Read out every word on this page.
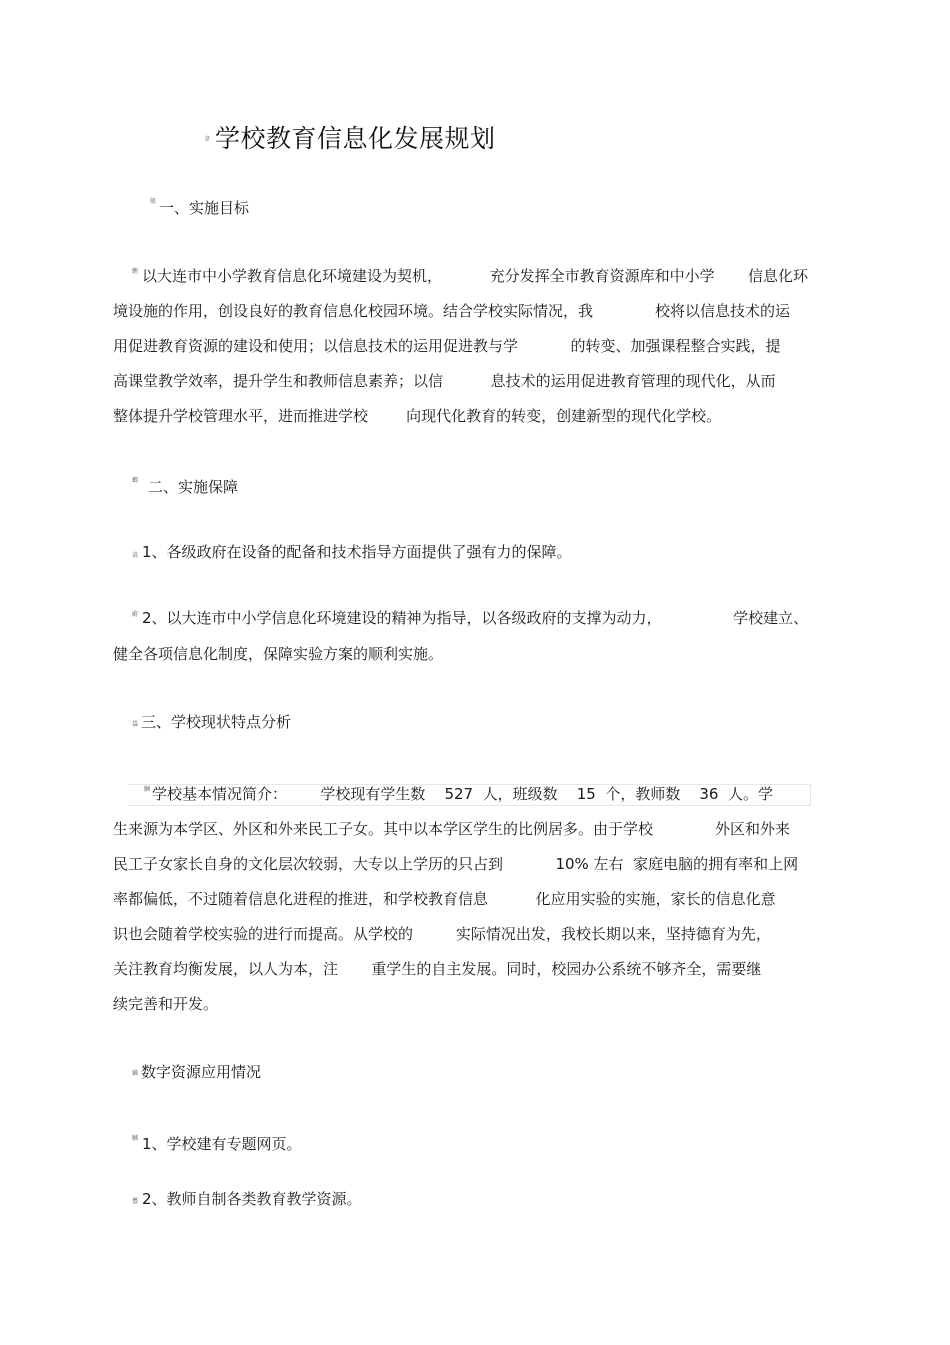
聿 学校教育信息化发展规划
般 一、实施目标
鰹 以大连市中小学教育信息化环境建设为契机，          充分发挥全市教育资源库和中小学       信息化环
境设施的作用，创设良好的教育信息化校园环境。结合学校实际情况，我             校将以信息技术的运
用促进教育资源的建设和使用；以信息技术的运用促进教与学           的转变、加强课程整合实践，提
高课堂教学效率，提升学生和教师信息素养；以信          息技术的运用促进教育管理的现代化，从而
整体提升学校管理水平，进而推进学校        向现代化教育的转变，创建新型的现代化学校。
螂 二、实施保障
袁 1、各级政府在设备的配备和技术指导方面提供了强有力的保障。
蔚 2、以大连市中小学信息化环境建设的精神为指导，以各级政府的支撑为动力，               学校建立、
健全各项信息化制度，保障实验方案的顺利实施。
袋 三、学校现状特点分析
膕 学校基本情况简介：       学校现有学生数    527  人，班级数    15  个，教师数    36  人。学
生来源为本学区、外区和外来民工子女。其中以本学区学生的比例居多。由于学校             外区和外来
民工子女家长自身的文化层次较弱，大专以上学历的只占到           10% 左右  家庭电脑的拥有率和上网
率都偏低，不过随着信息化进程的推进，和学校教育信息          化应用实验的实施，家长的信息化意
识也会随着学校实验的进行而提高。从学校的         实际情况出发，我校长期以来，坚持德育为先，
关注教育均衡发展，以人为本，注       重学生的自主发展。同时，校园办公系统不够齐全，需要继
续完善和开发。
螨 数字资源应用情况
膕 1、学校建有专题网页。
蠆 2、教师自制各类教育教学资源。
